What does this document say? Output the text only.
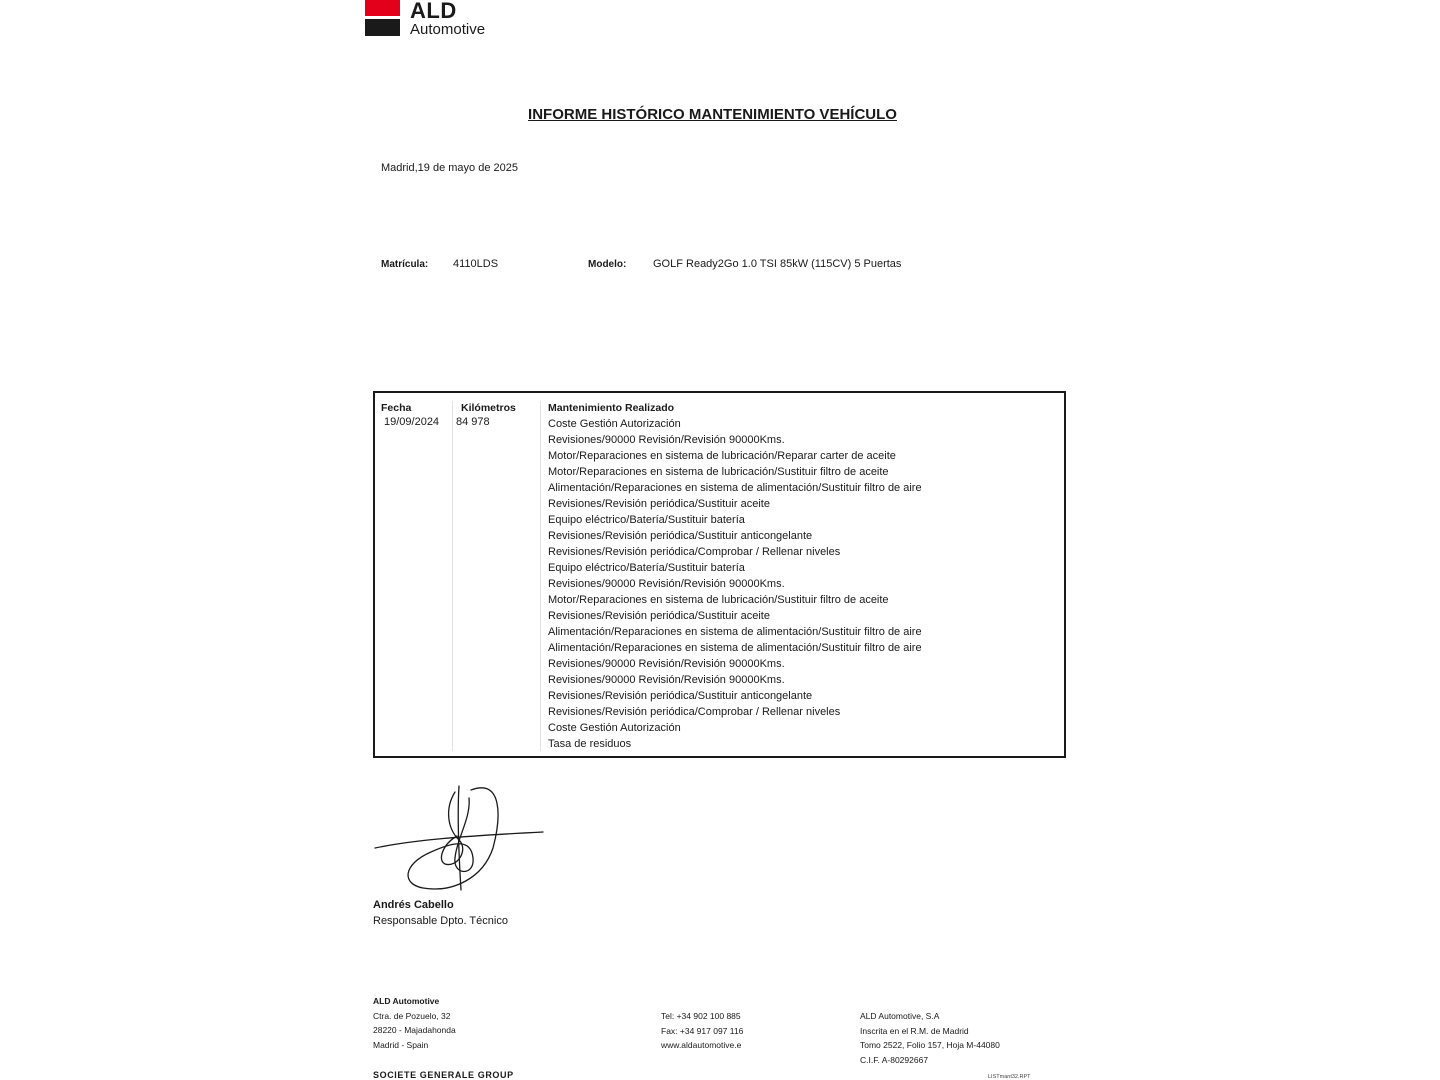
ALD
Automotive
INFORME HISTÓRICO MANTENIMIENTO VEHÍCULO
Madrid,19 de mayo de 2025
Matrícula: 4110LDS	Modelo: GOLF Ready2Go 1.0 TSI 85kW (115CV) 5 Puertas
Fecha	Kilómetros	Mantenimiento Realizado
19/09/2024 84 978	Coste Gestión Autorización
Revisiones/90000 Revisión/Revisión 90000Kms.
Motor/Reparaciones en sistema de lubricación/Reparar carter de aceite
Motor/Reparaciones en sistema de lubricación/Sustituir filtro de aceite
Alimentación/Reparaciones en sistema de alimentación/Sustituir filtro de aire
Revisiones/Revisión periódica/Sustituir aceite
Equipo eléctrico/Batería/Sustituir batería
Revisiones/Revisión periódica/Sustituir anticongelante
Revisiones/Revisión periódica/Comprobar / Rellenar niveles
Equipo eléctrico/Batería/Sustituir batería
Revisiones/90000 Revisión/Revisión 90000Kms.
Motor/Reparaciones en sistema de lubricación/Sustituir filtro de aceite
Revisiones/Revisión periódica/Sustituir aceite
Alimentación/Reparaciones en sistema de alimentación/Sustituir filtro de aire
Alimentación/Reparaciones en sistema de alimentación/Sustituir filtro de aire
Revisiones/90000 Revisión/Revisión 90000Kms.
Revisiones/90000 Revisión/Revisión 90000Kms.
Revisiones/Revisión periódica/Sustituir anticongelante
Revisiones/Revisión periódica/Comprobar / Rellenar niveles
Coste Gestión Autorización
Tasa de residuos
Andrés Cabello
Responsable Dpto. Técnico
ALD Automotive
Ctra. de Pozuelo, 32
28220 - Majadahonda
Madrid - Spain
Tel: +34 902 100 885
Fax: +34 917 097 116
www.aldautomotive.e
ALD Automotive, S.A
Inscrita en el R.M. de Madrid
Tomo 2522, Folio 157, Hoja M-44080
C.I.F. A-80292667
SOCIETE GENERALE GROUP	LISTmant32.RPT
